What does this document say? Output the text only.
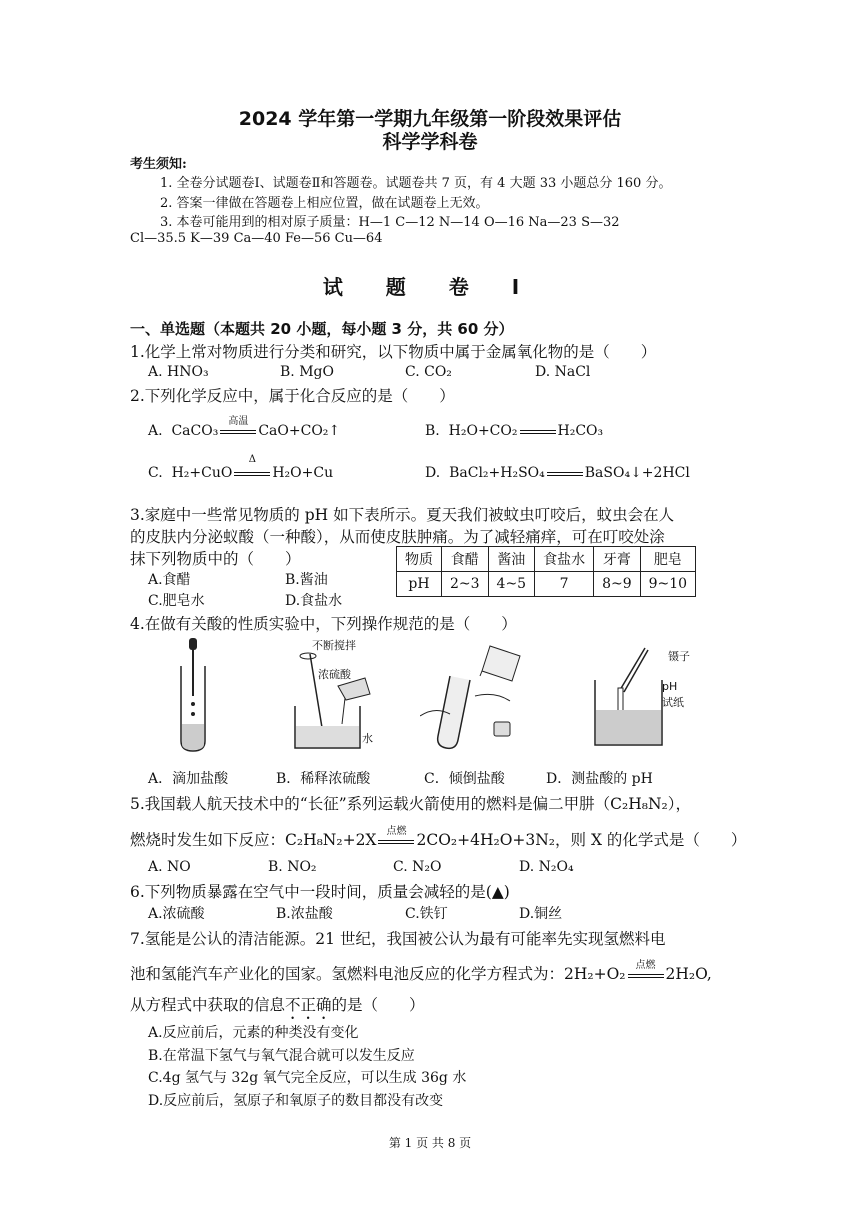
2024 学年第一学期九年级第一阶段效果评估
科学学科卷
考生须知:
1. 全卷分试题卷Ⅰ、试题卷Ⅱ和答题卷。试题卷共 7 页，有 4 大题 33 小题总分 160 分。
2. 答案一律做在答题卷上相应位置，做在试题卷上无效。
3. 本卷可能用到的相对原子质量：H—1 C—12 N—14 O—16 Na—23 S—32
Cl—35.5 K—39 Ca—40 Fe—56 Cu—64
试 题 卷 Ⅰ
一、单选题（本题共 20 小题，每小题 3 分，共 60 分）
1.化学上常对物质进行分类和研究，以下物质中属于金属氧化物的是（　　）
A. HNO₃	B. MgO	C. CO₂	D. NaCl
2.下列化学反应中，属于化合反应的是（　　）
A. CaCO₃
高温
CaO+CO₂↑	B. H₂O+CO₂	H₂CO₃
C. H₂+CuO
Δ
H₂O+Cu	D. BaCl₂+H₂SO₄	BaSO₄↓+2HCl
3.家庭中一些常见物质的 pH 如下表所示。夏天我们被蚊虫叮咬后，蚊虫会在人
的皮肤内分泌蚁酸（一种酸），从而使皮肤肿痛。为了减轻痛痒，可在叮咬处涂
抹下列物质中的（　　）
A.食醋	B.酱油
C.肥皂水	D.食盐水
物质	食醋	酱油	食盐水	牙膏	肥皂
pH	2~3	4~5	7	8~9	9~10
4.在做有关酸的性质实验中，下列操作规范的是（　　）
不断搅拌
浓硫酸
水
镊子
pH
试纸
A．滴加盐酸	B．稀释浓硫酸	C．倾倒盐酸	D．测盐酸的 pH
5.我国载人航天技术中的“长征”系列运载火箭使用的燃料是偏二甲肼（C₂H₈N₂），
燃烧时发生如下反应：C₂H₈N₂+2X	点燃 2CO₂+4H₂O+3N₂，则 X 的化学式是（　　）
A. NO	B. NO₂	C. N₂O	D. N₂O₄
6.下列物质暴露在空气中一段时间，质量会减轻的是(▲)
A.浓硫酸	B.浓盐酸	C.铁钉	D.铜丝
7.氢能是公认的清洁能源。21 世纪，我国被公认为最有可能率先实现氢燃料电
池和氢能汽车产业化的国家。氢燃料电池反应的化学方程式为：2H₂+O₂	点燃 2H₂O,
从方程式中获取的信息不正确的是（　　）
A.反应前后，元素的种类没有变化
B.在常温下氢气与氧气混合就可以发生反应
C.4g 氢气与 32g 氧气完全反应，可以生成 36g 水
D.反应前后，氢原子和氧原子的数目都没有改变
第 1 页 共 8 页
